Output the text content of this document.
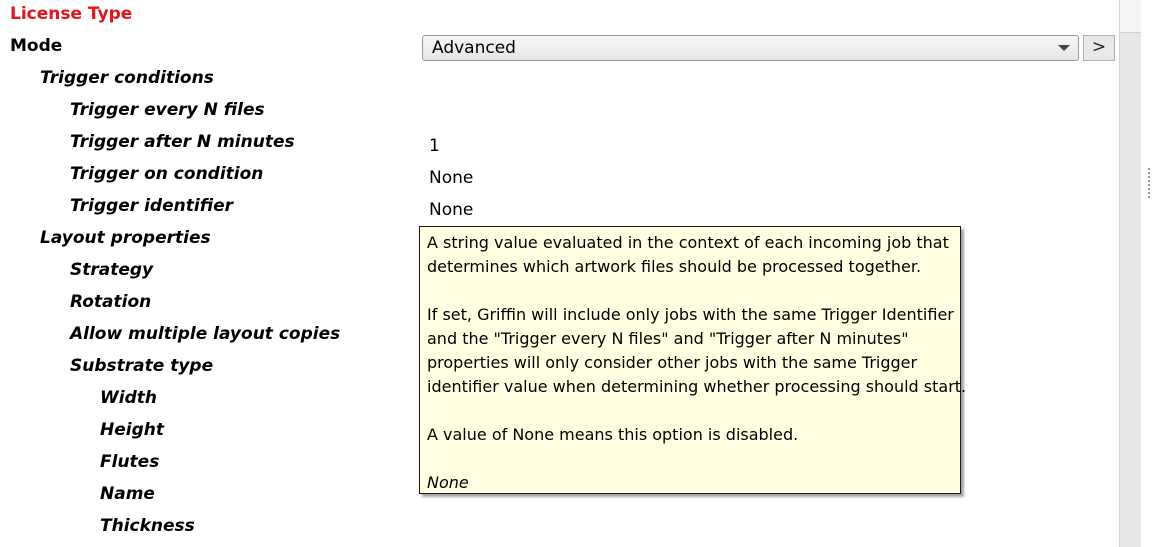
License Type
Mode
Trigger conditions
Trigger every N files
Trigger after N minutes
Trigger on condition
Trigger identifier
Layout properties
Strategy
Rotation
Allow multiple layout copies
Substrate type
Width
Height
Flutes
Name
Thickness
Advanced	>
1
None
None

A string value evaluated in the context of each incoming job that

determines which artwork files should be processed together.

If set, Griffin will include only jobs with the same Trigger Identifier

and the "Trigger every N files" and "Trigger after N minutes"

properties will only consider other jobs with the same Trigger

identifier value when determining whether processing should start.

A value of None means this option is disabled.

None
